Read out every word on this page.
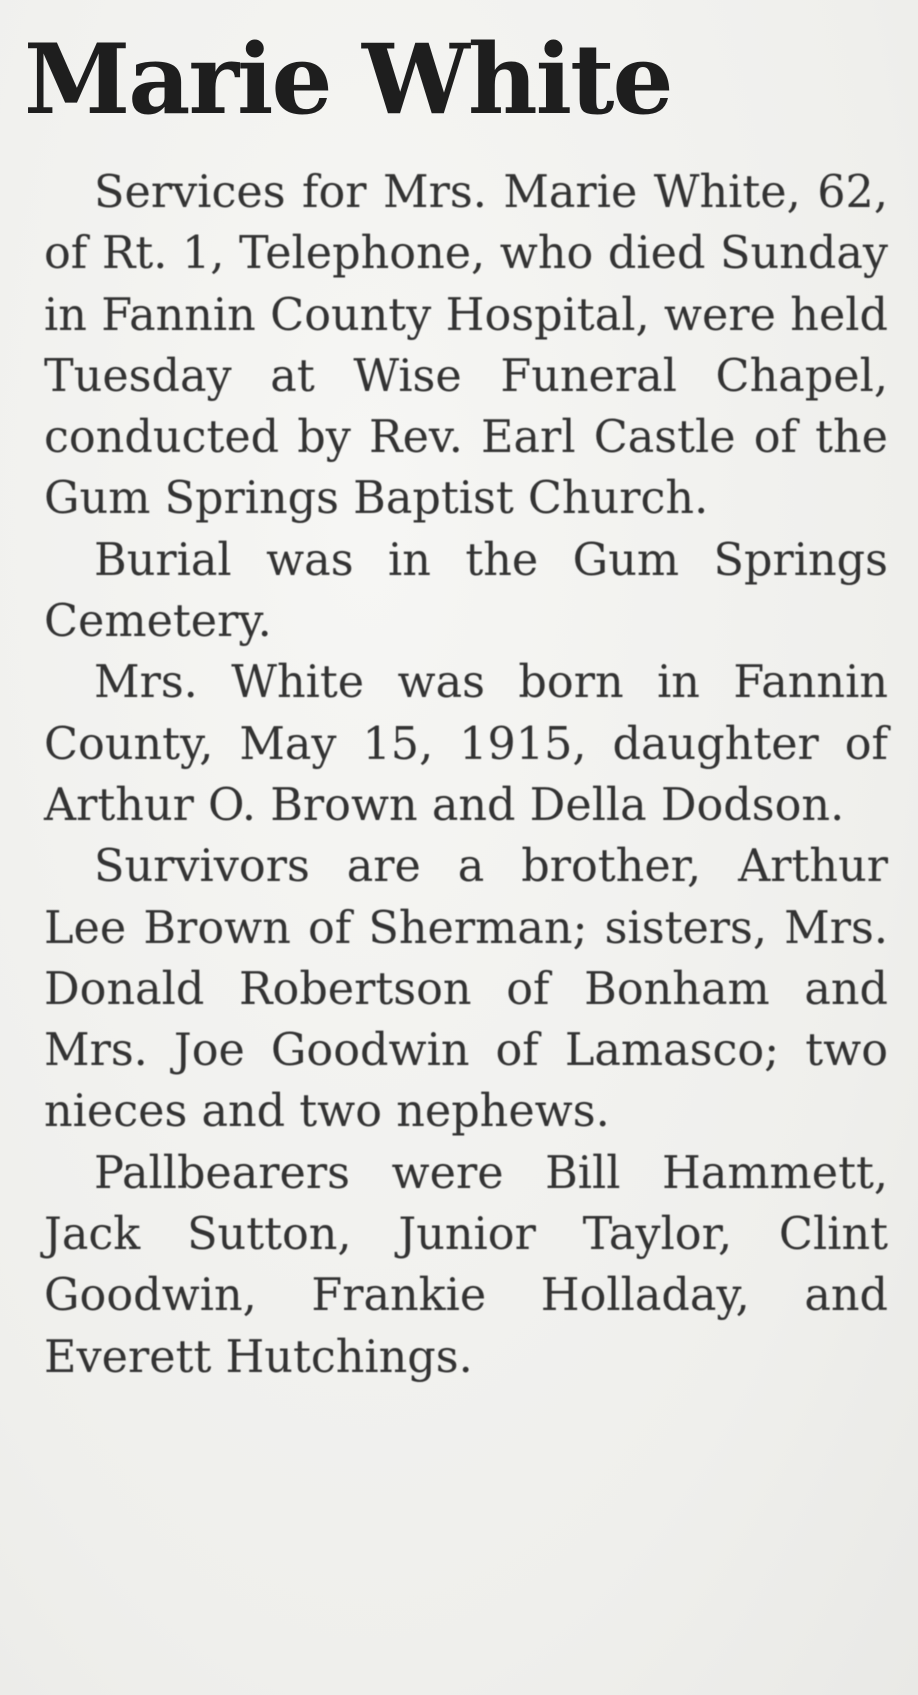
Marie White

Services for Mrs. Marie White, 62, of Rt. 1, Telephone, who died Sunday in Fannin County Hospital, were held Tuesday at Wise Funeral Chapel, conducted by Rev. Earl Castle of the Gum Springs Baptist Church.

Burial was in the Gum Springs Cemetery.

Mrs. White was born in Fannin County, May 15, 1915, daughter of Arthur O. Brown and Della Dodson.

Survivors are a brother, Arthur Lee Brown of Sherman; sisters, Mrs. Donald Robertson of Bonham and Mrs. Joe Goodwin of Lamasco; two nieces and two nephews.

Pallbearers were Bill Hammett, Jack Sutton, Junior Taylor, Clint Goodwin, Frankie Holladay, and Everett Hutchings.
